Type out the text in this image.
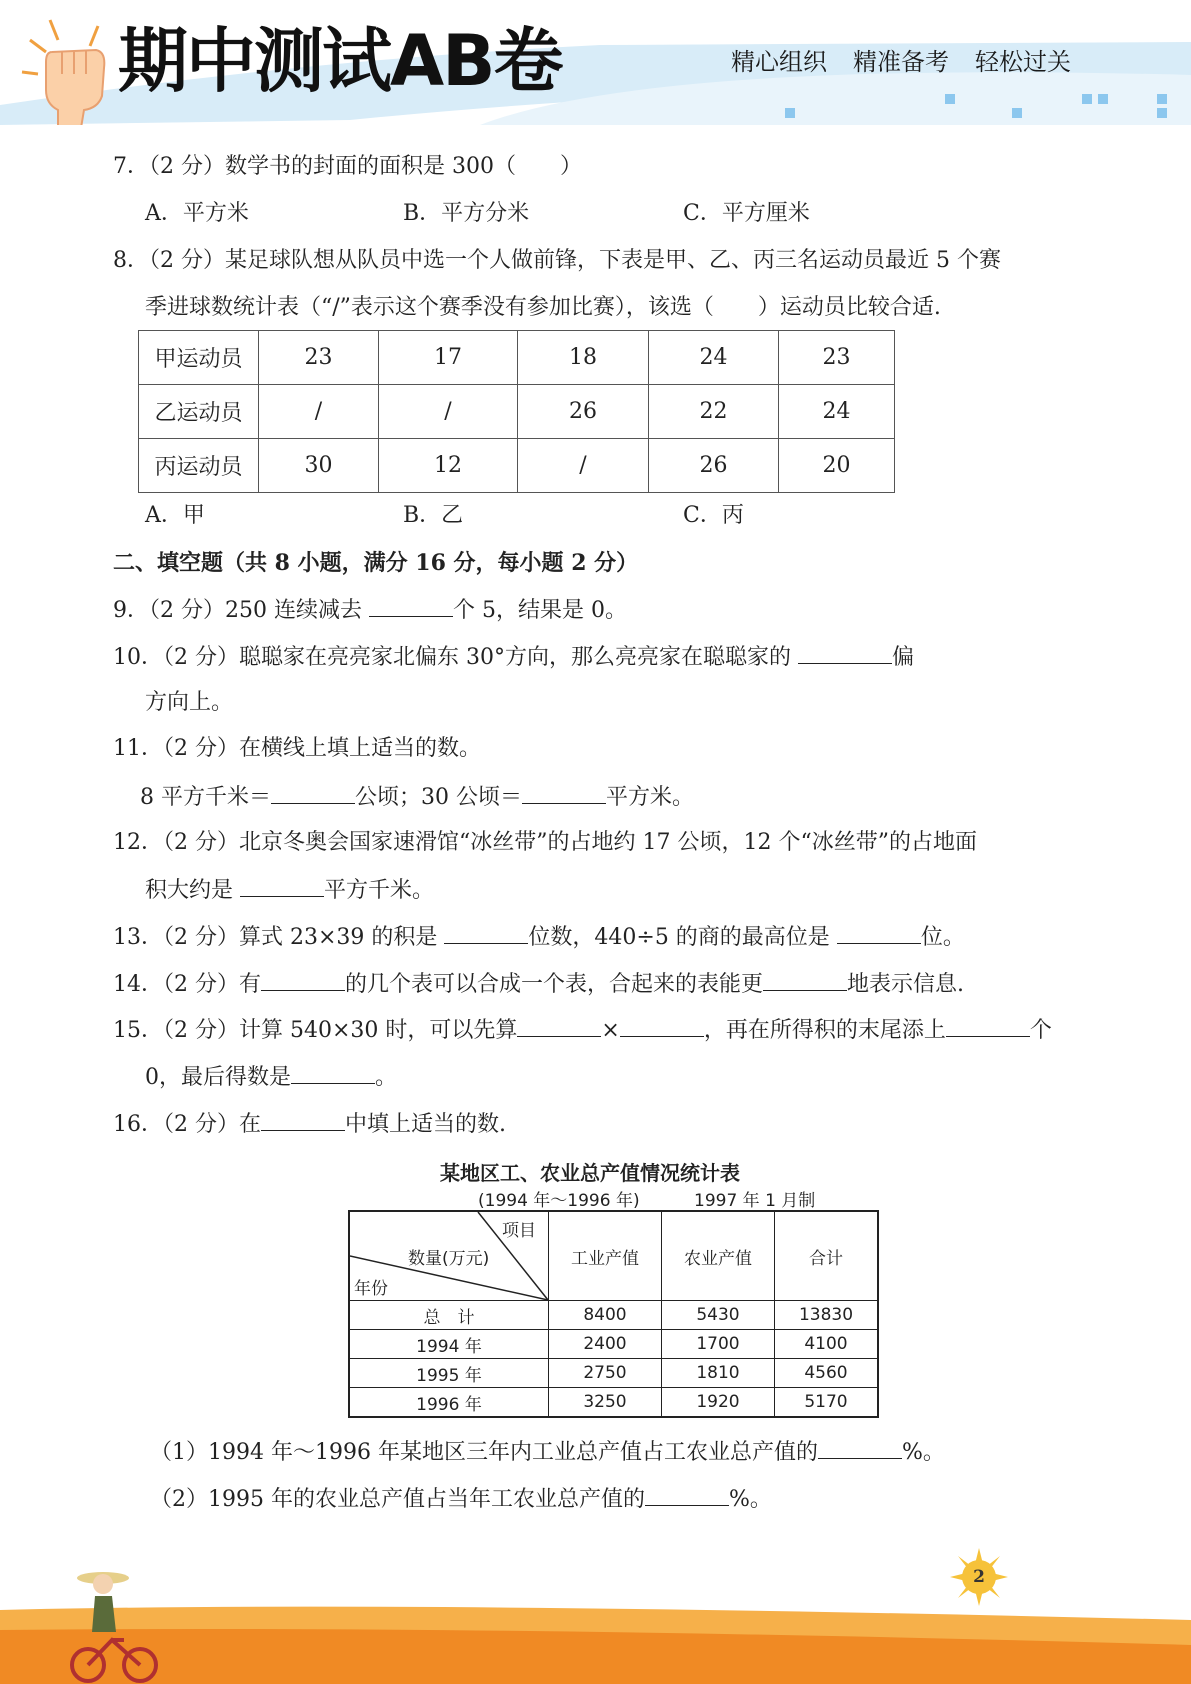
期中测试AB卷	精心组织 精准备考 轻松过关
7．（2 分）数学书的封面的面积是 300（　　）
A．平方米	B．平方分米	C．平方厘米
8．（2 分）某足球队想从队员中选一个人做前锋，下表是甲、乙、丙三名运动员最近 5 个赛
季进球数统计表（“/”表示这个赛季没有参加比赛），该选（　　）运动员比较合适.
甲运动员	23	17	18	24	23
乙运动员	/	/	26	22	24
丙运动员	30	12	/	26	20
A．甲	B．乙	C．丙
二、填空题（共 8 小题，满分 16 分，每小题 2 分）
9．（2 分）250 连续减去	个 5，结果是 0。
10．（2 分）聪聪家在亮亮家北偏东 30°方向，那么亮亮家在聪聪家的	偏
方向上。
11．（2 分）在横线上填上适当的数。
8 平方千米＝	公顷；30 公顷＝	平方米。
12．（2 分）北京冬奥会国家速滑馆“冰丝带”的占地约 17 公顷，12 个“冰丝带”的占地面
积大约是	平方千米。
13．（2 分）算式 23×39 的积是	位数，440÷5 的商的最高位是	位。
14．（2 分）有	的几个表可以合成一个表，合起来的表能更	地表示信息.
15．（2 分）计算 540×30 时，可以先算	×	，再在所得积的末尾添上	个
0，最后得数是	。
16．（2 分）在	中填上适当的数.
某地区工、农业总产值情况统计表
(1994 年～1996 年)	1997 年 1 月制
项目
数量(万元)
年份	工业产值	农业产值	合计
总　计	8400	5430	13830
1994 年	2400	1700	4100
1995 年	2750	1810	4560
1996 年	3250	1920	5170
（1）1994 年～1996 年某地区三年内工业总产值占工农业总产值的	%。
（2）1995 年的农业总产值占当年工农业总产值的	%。
2
